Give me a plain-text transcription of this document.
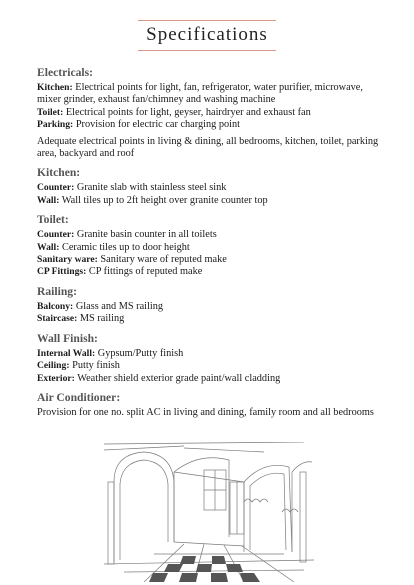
Specifications
Electricals:
Kitchen: Electrical points for light, fan, refrigerator, water purifier, microwave, mixer grinder, exhaust fan/chimney and washing machine
Toilet: Electrical points for light, geyser, hairdryer and exhaust fan
Parking: Provision for electric car charging point
Adequate electrical points in living & dining, all bedrooms, kitchen, toilet, parking area, backyard and roof
Kitchen:
Counter: Granite slab with stainless steel sink
Wall: Wall tiles up to 2ft height over granite counter top
Toilet:
Counter: Granite basin counter in all toilets
Wall: Ceramic tiles up to door height
Sanitary ware: Sanitary ware of reputed make
CP Fittings: CP fittings of reputed make
Railing:
Balcony: Glass and MS railing
Staircase: MS railing
Wall Finish:
Internal Wall: Gypsum/Putty finish
Ceiling: Putty finish
Exterior: Weather shield exterior grade paint/wall cladding
Air Conditioner:
Provision for one no. split AC in living and dining, family room and all bedrooms
